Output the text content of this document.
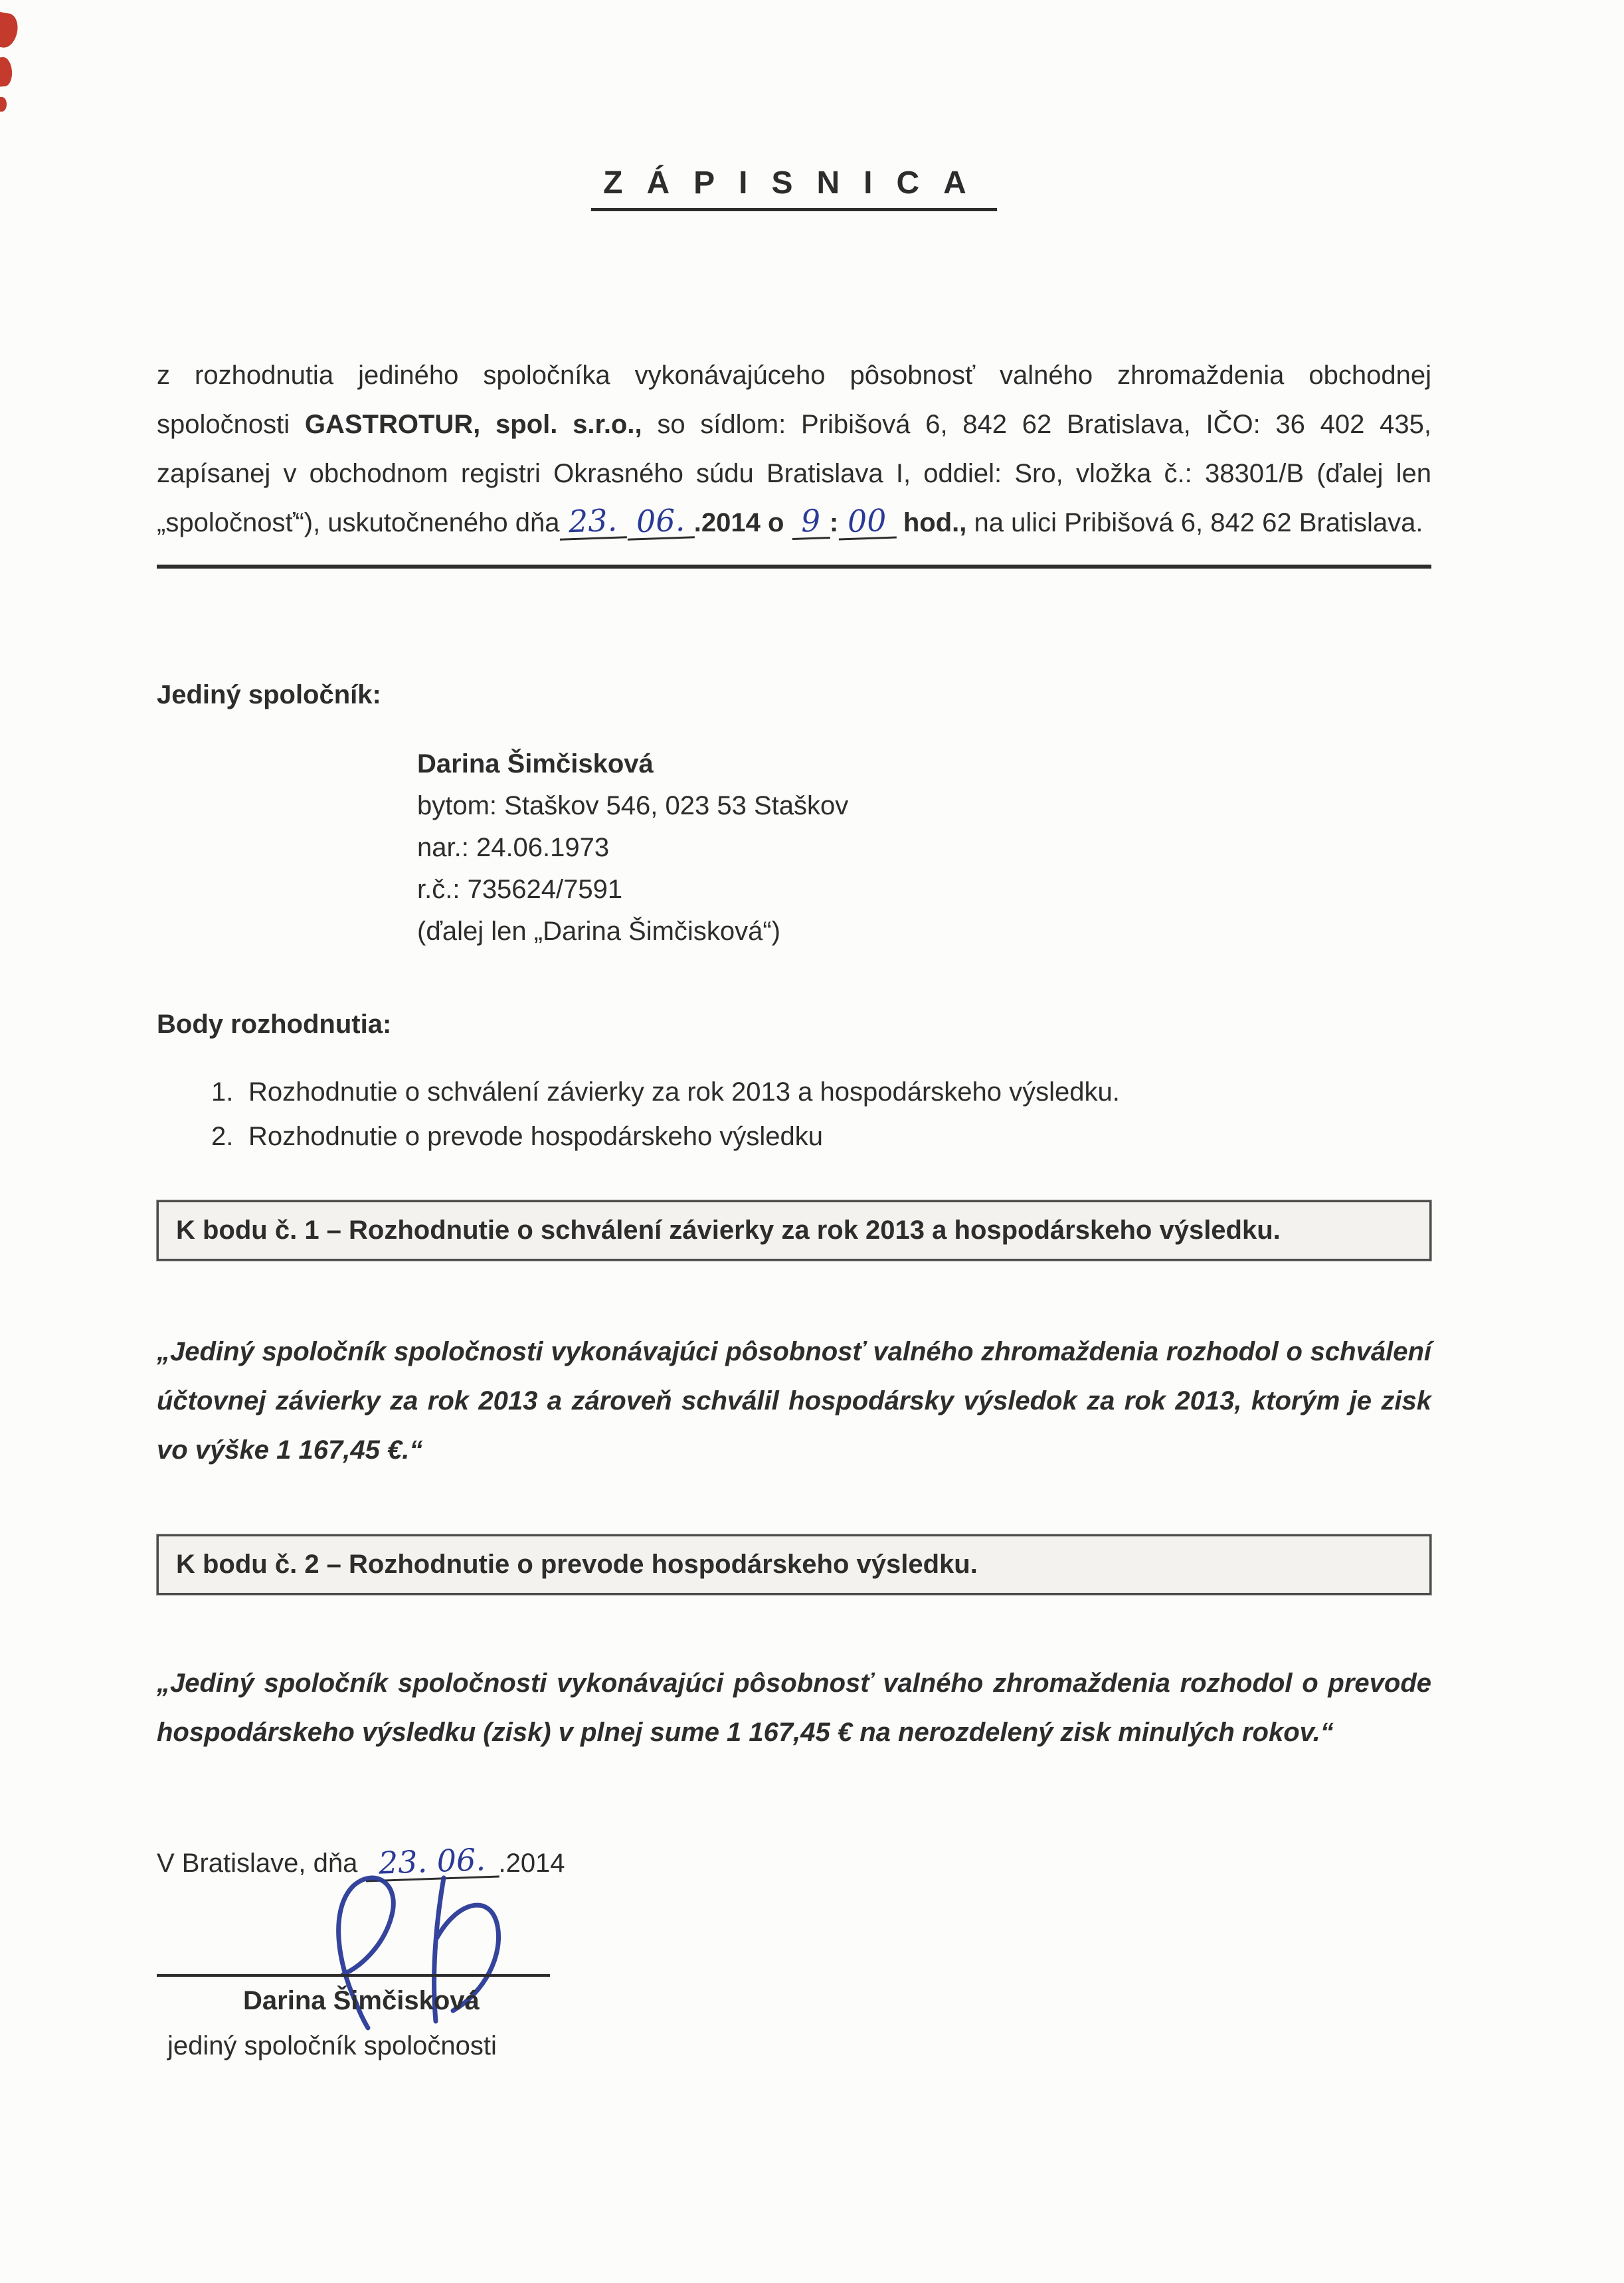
ZÁPISNICA

z rozhodnutia jediného spoločníka vykonávajúceho pôsobnosť valného zhromaždenia obchodnej spoločnosti GASTROTUR, spol. s.r.o., so sídlom: Pribišová 6, 842 62 Bratislava, IČO: 36 402 435, zapísanej v obchodnom registri Okrasného súdu Bratislava I, oddiel: Sro, vložka č.: 38301/B (ďalej len „spoločnosť“), uskutočneného dňa 23. 06. .2014 o 9 : 00 hod., na ulici Pribišová 6, 842 62 Bratislava.

Jediný spoločník:
Darina Šimčisková
bytom: Staškov 546, 023 53 Staškov
nar.: 24.06.1973
r.č.: 735624/7591
(ďalej len „Darina Šimčisková“)
Body rozhodnutia:
1. Rozhodnutie o schválení závierky za rok 2013 a hospodárskeho výsledku.
2. Rozhodnutie o prevode hospodárskeho výsledku
K bodu č. 1 – Rozhodnutie o schválení závierky za rok 2013 a hospodárskeho výsledku.

„Jediný spoločník spoločnosti vykonávajúci pôsobnosť valného zhromaždenia rozhodol o schválení účtovnej závierky za rok 2013 a zároveň schválil hospodársky výsledok za rok 2013, ktorým je zisk vo výške 1 167,45 €.“

K bodu č. 2 – Rozhodnutie o prevode hospodárskeho výsledku.

„Jediný spoločník spoločnosti vykonávajúci pôsobnosť valného zhromaždenia rozhodol o prevode hospodárskeho výsledku (zisk) v plnej sume 1 167,45 € na nerozdelený zisk minulých rokov.“

V Bratislave, dňa 23. 06. .2014

Darina Šimčisková
jediný spoločník spoločnosti
